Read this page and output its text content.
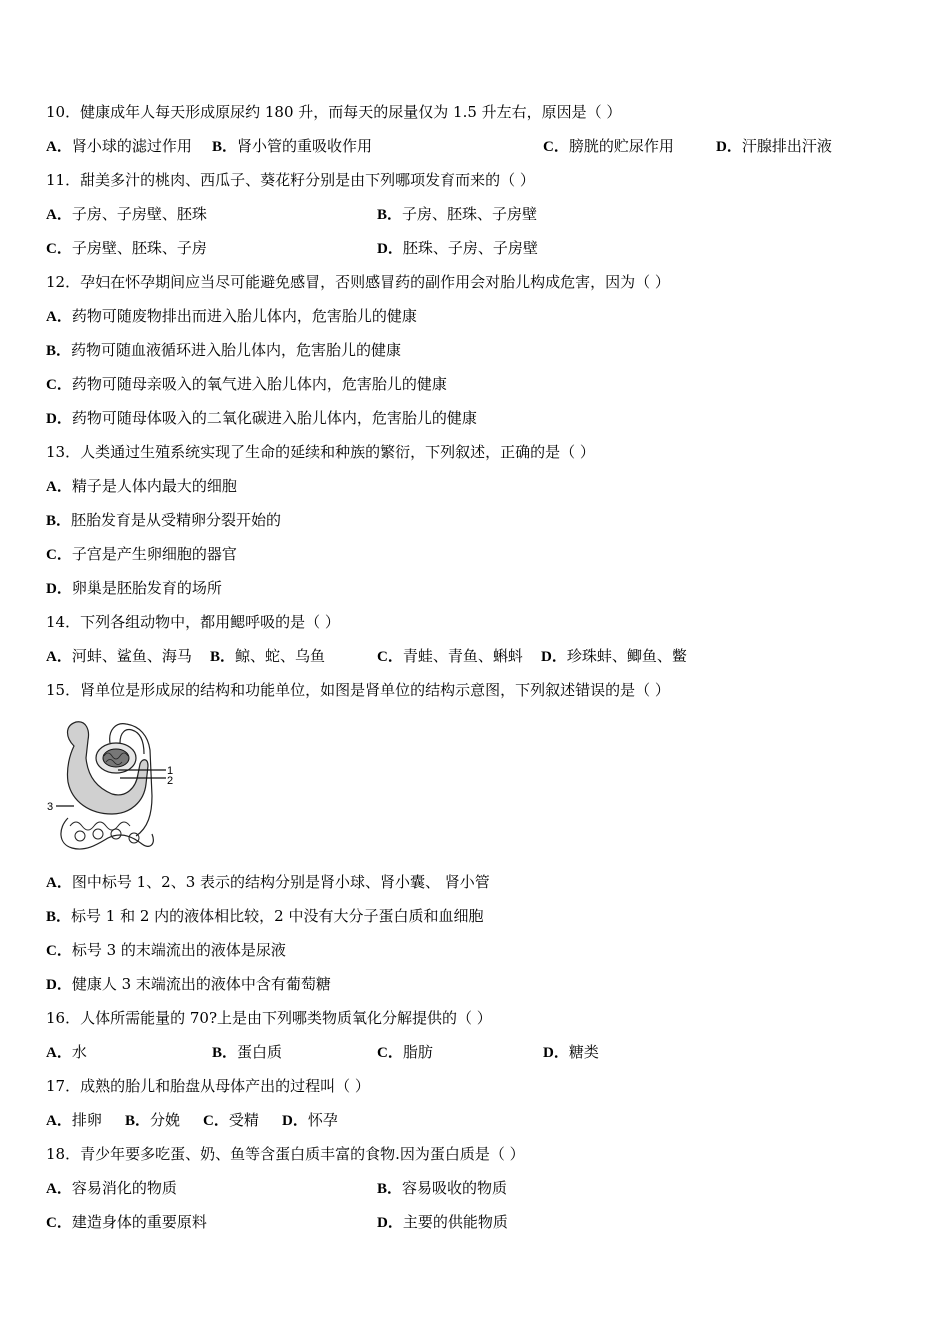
10．健康成年人每天形成原尿约 180 升，而每天的尿量仅为 1.5 升左右，原因是（ ）
A．肾小球的滤过作用 B．肾小管的重吸收作用	C．膀胱的贮尿作用	D．汗腺排出汗液
11．甜美多汁的桃肉、西瓜子、葵花籽分别是由下列哪项发育而来的（ ）
A．子房、子房壁、胚珠	B．子房、胚珠、子房壁
C．子房壁、胚珠、子房	D．胚珠、子房、子房壁
12．孕妇在怀孕期间应当尽可能避免感冒，否则感冒药的副作用会对胎儿构成危害，因为（ ）
A．药物可随废物排出而进入胎儿体内，危害胎儿的健康
B．药物可随血液循环进入胎儿体内，危害胎儿的健康
C．药物可随母亲吸入的氧气进入胎儿体内，危害胎儿的健康
D．药物可随母体吸入的二氧化碳进入胎儿体内，危害胎儿的健康
13．人类通过生殖系统实现了生命的延续和种族的繁衍，下列叙述，正确的是（ ）
A．精子是人体内最大的细胞
B．胚胎发育是从受精卵分裂开始的
C．子宫是产生卵细胞的器官
D．卵巢是胚胎发育的场所
14．下列各组动物中，都用鳃呼吸的是（ ）
A．河蚌、鲨鱼、海马 B．鲸、蛇、乌鱼	C．青蛙、青鱼、蝌蚪 D．珍珠蚌、鲫鱼、鳖
15．肾单位是形成尿的结构和功能单位，如图是肾单位的结构示意图，下列叙述错误的是（ ）
1
2
3
A．图中标号 1、2、3 表示的结构分别是肾小球、肾小囊、 肾小管
B．标号 1 和 2 内的液体相比较，2 中没有大分子蛋白质和血细胞
C．标号 3 的末端流出的液体是尿液
D．健康人 3 末端流出的液体中含有葡萄糖
16．人体所需能量的 70?上是由下列哪类物质氧化分解提供的（ ）
A．水	B．蛋白质	C．脂肪	D．糖类
17．成熟的胎儿和胎盘从母体产出的过程叫（ ）
A．排卵 B．分娩 C．受精 D．怀孕
18．青少年要多吃蛋、奶、鱼等含蛋白质丰富的食物.因为蛋白质是（ ）
A．容易消化的物质	B．容易吸收的物质
C．建造身体的重要原料	D．主要的供能物质
